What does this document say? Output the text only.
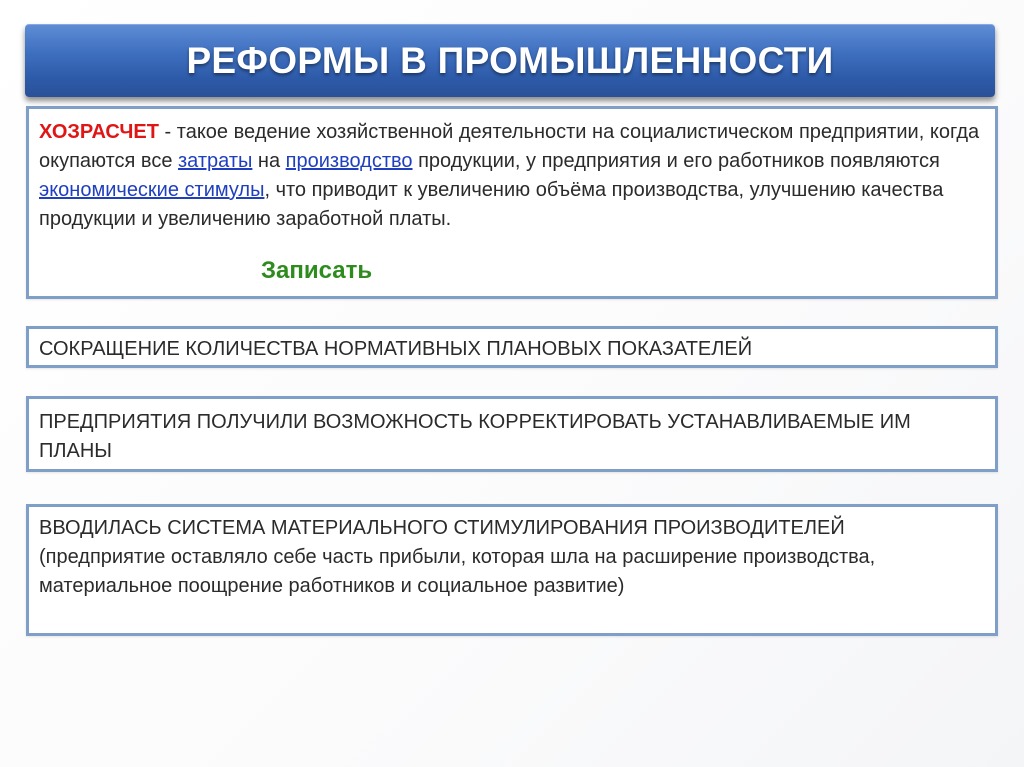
РЕФОРМЫ В ПРОМЫШЛЕННОСТИ

ХОЗРАСЧЕТ - такое ведение хозяйственной деятельности на социалистическом предприятии, когда окупаются все затраты на производство продукции, у предприятия и его работников появляются экономические стимулы, что приводит к увеличению объёма производства, улучшению качества продукции и увеличению заработной платы.

Записать

СОКРАЩЕНИЕ КОЛИЧЕСТВА НОРМАТИВНЫХ ПЛАНОВЫХ ПОКАЗАТЕЛЕЙ

ПРЕДПРИЯТИЯ ПОЛУЧИЛИ ВОЗМОЖНОСТЬ КОРРЕКТИРОВАТЬ УСТАНАВЛИВАЕМЫЕ ИМ ПЛАНЫ

ВВОДИЛАСЬ СИСТЕМА МАТЕРИАЛЬНОГО СТИМУЛИРОВАНИЯ ПРОИЗВОДИТЕЛЕЙ

(предприятие оставляло себе часть прибыли, которая шла на расширение производства, материальное поощрение работников и социальное развитие)
